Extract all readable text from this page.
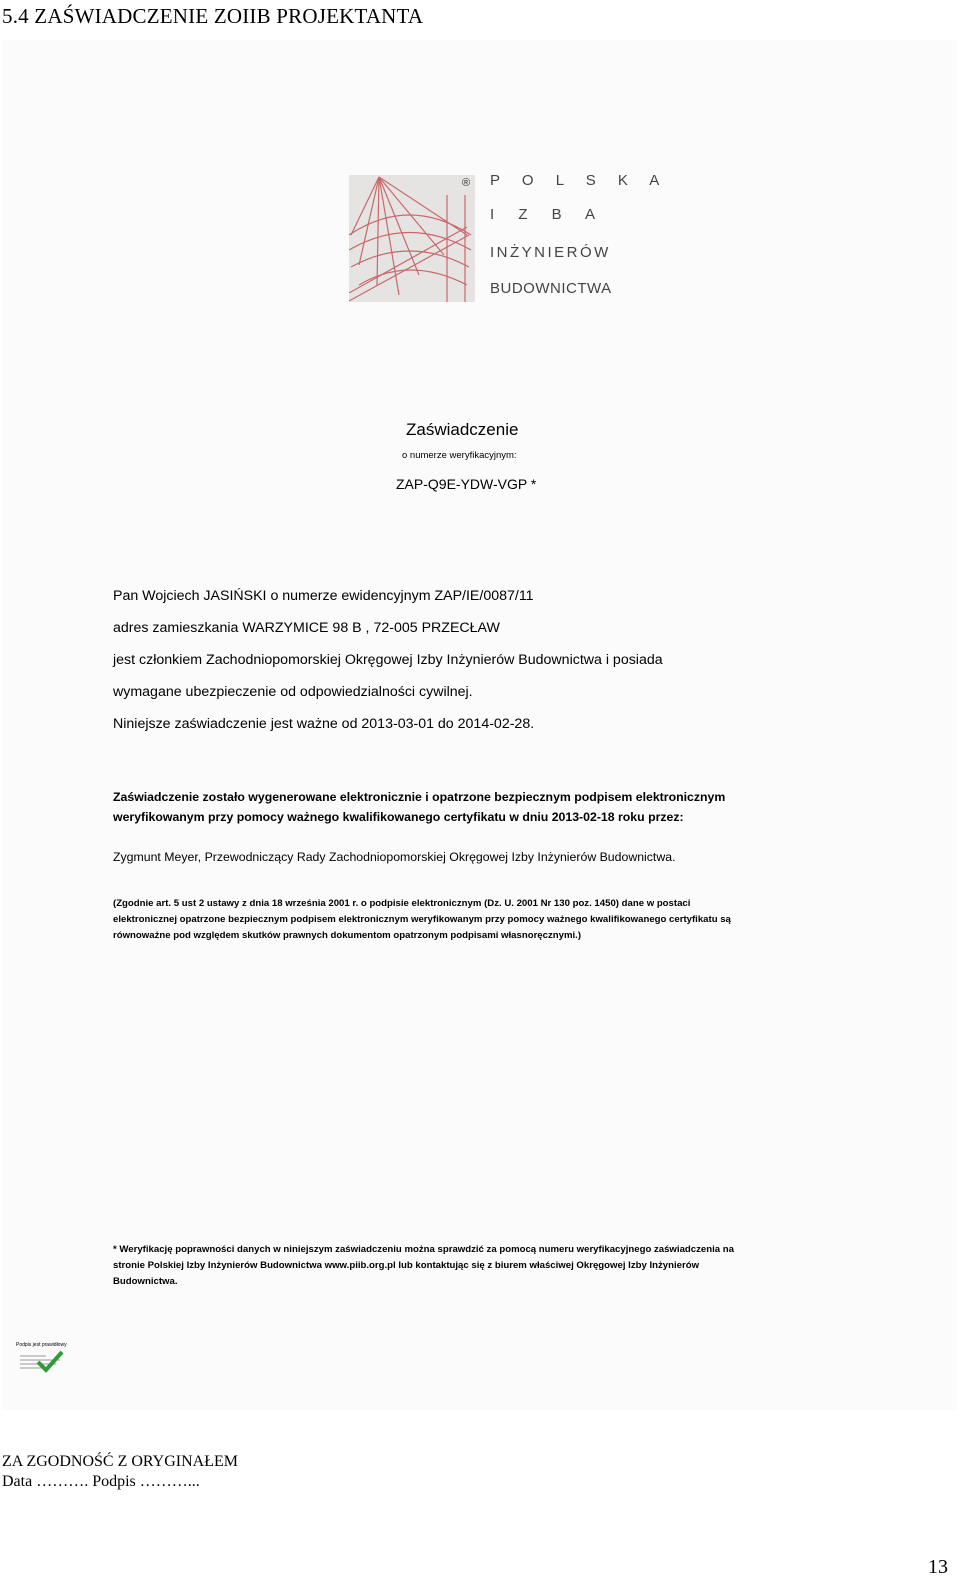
5.4 ZAŚWIADCZENIE ZOIIB PROJEKTANTA
® P O L S K A
I Z B A
INŻYNIERÓW
BUDOWNICTWA
Zaświadczenie
o numerze weryfikacyjnym:
ZAP-Q9E-YDW-VGP *
Pan Wojciech JASIŃSKI o numerze ewidencyjnym ZAP/IE/0087/11
adres zamieszkania WARZYMICE 98 B , 72-005 PRZECŁAW
jest członkiem Zachodniopomorskiej Okręgowej Izby Inżynierów Budownictwa i posiada
wymagane ubezpieczenie od odpowiedzialności cywilnej.
Niniejsze zaświadczenie jest ważne od 2013-03-01 do 2014-02-28.
Zaświadczenie zostało wygenerowane elektronicznie i opatrzone bezpiecznym podpisem elektronicznym
weryfikowanym przy pomocy ważnego kwalifikowanego certyfikatu w dniu 2013-02-18 roku przez:
Zygmunt Meyer, Przewodniczący Rady Zachodniopomorskiej Okręgowej Izby Inżynierów Budownictwa.
(Zgodnie art. 5 ust 2 ustawy z dnia 18 września 2001 r. o podpisie elektronicznym (Dz. U. 2001 Nr 130 poz. 1450) dane w postaci
elektronicznej opatrzone bezpiecznym podpisem elektronicznym weryfikowanym przy pomocy ważnego kwalifikowanego certyfikatu są
równoważne pod względem skutków prawnych dokumentom opatrzonym podpisami własnoręcznymi.)
* Weryfikację poprawności danych w niniejszym zaświadczeniu można sprawdzić za pomocą numeru weryfikacyjnego zaświadczenia na
stronie Polskiej Izby Inżynierów Budownictwa www.piib.org.pl lub kontaktując się z biurem właściwej Okręgowej Izby Inżynierów
Budownictwa.
Podpis jest prawidłowy
ZA ZGODNOŚĆ Z ORYGINAŁEM
Data ………. Podpis ………...
13
